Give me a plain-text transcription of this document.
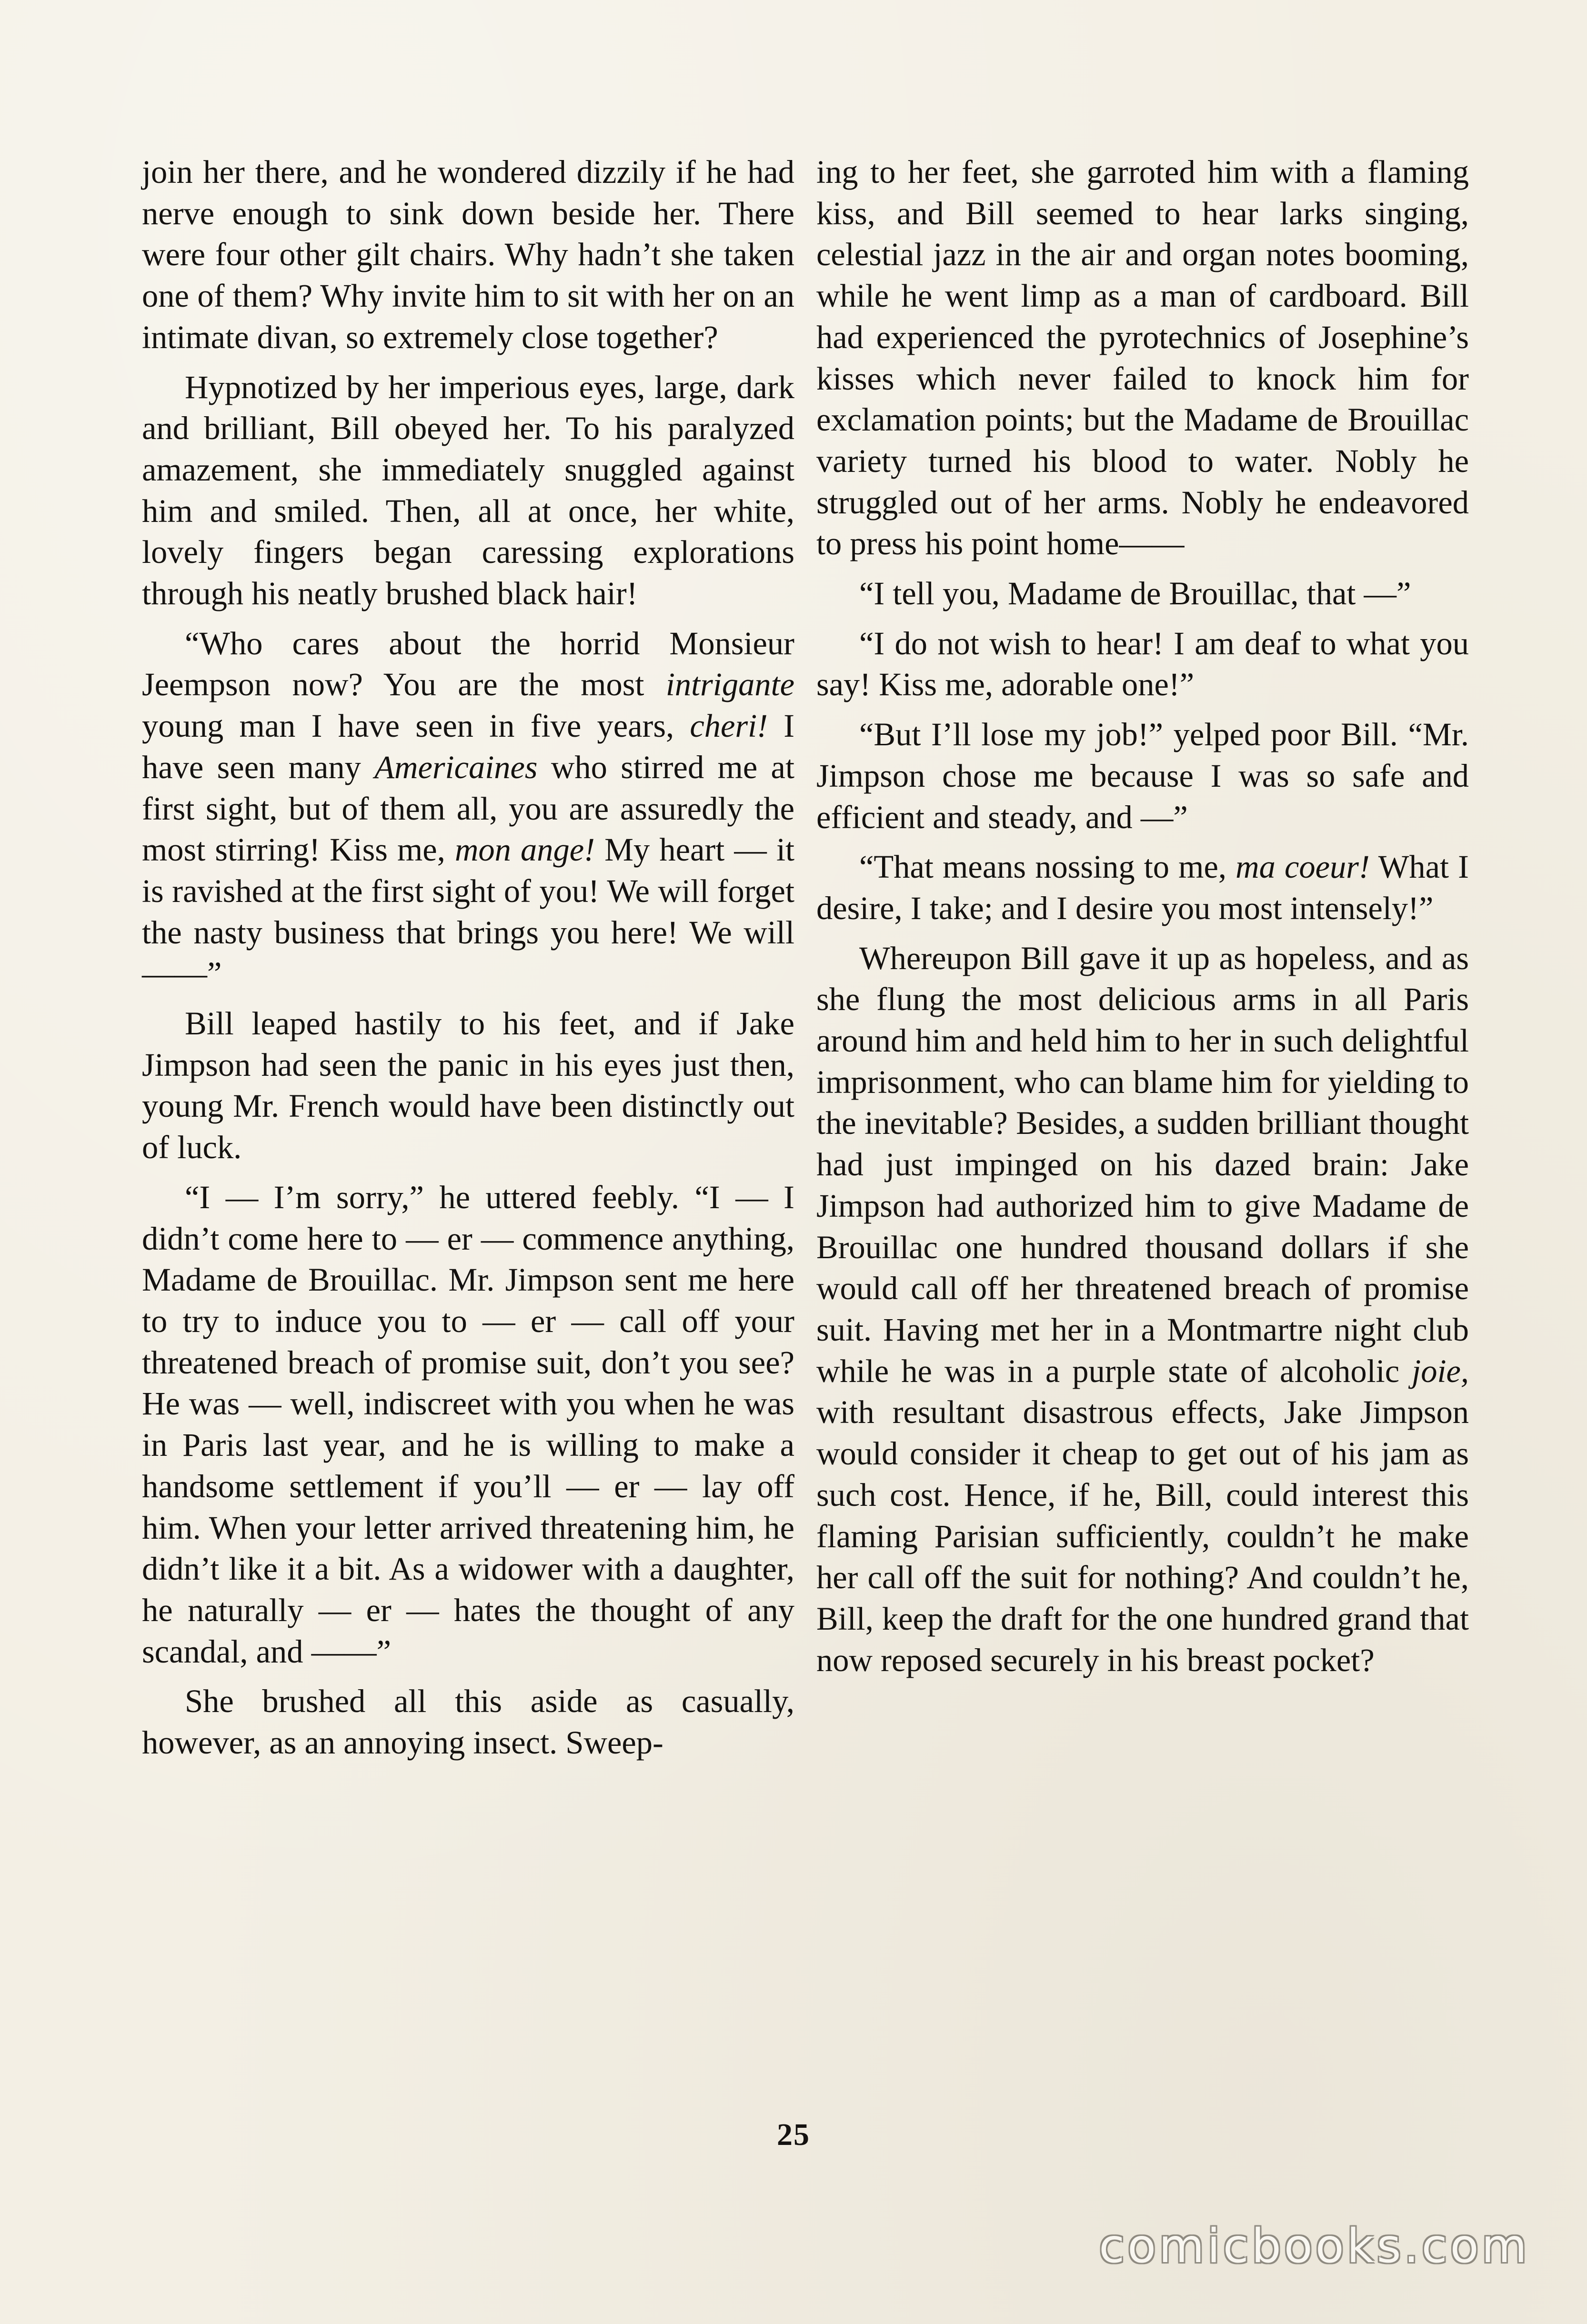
join her there, and he wondered dizzily if he had nerve enough to sink down beside her. There were four other gilt chairs. Why hadn’t she taken one of them? Why invite him to sit with her on an intimate divan, so extremely close together?

Hypnotized by her imperious eyes, large, dark and brilliant, Bill obeyed her. To his paralyzed amazement, she immediately snuggled against him and smiled. Then, all at once, her white, lovely fingers began caressing explorations through his neatly brushed black hair!

“Who cares about the horrid Monsieur Jeempson now? You are the most intrigante young man I have seen in five years, cheri! I have seen many Americaines who stirred me at first sight, but of them all, you are assuredly the most stirring! Kiss me, mon ange! My heart — it is ravished at the first sight of you! We will forget the nasty business that brings you here! We will——”

Bill leaped hastily to his feet, and if Jake Jimpson had seen the panic in his eyes just then, young Mr. French would have been distinctly out of luck.

“I — I’m sorry,” he uttered feebly. “I — I didn’t come here to — er — commence anything, Madame de Brouillac. Mr. Jimpson sent me here to try to induce you to — er — call off your threatened breach of promise suit, don’t you see? He was — well, indiscreet with you when he was in Paris last year, and he is willing to make a handsome settlement if you’ll — er — lay off him. When your letter arrived threatening him, he didn’t like it a bit. As a widower with a daughter, he naturally — er — hates the thought of any scandal, and ——”

She brushed all this aside as casually, however, as an annoying insect. Sweep-

ing to her feet, she garroted him with a flaming kiss, and Bill seemed to hear larks singing, celestial jazz in the air and organ notes booming, while he went limp as a man of cardboard. Bill had experienced the pyrotechnics of Josephine’s kisses which never failed to knock him for exclamation points; but the Madame de Brouillac variety turned his blood to water. Nobly he struggled out of her arms. Nobly he endeavored to press his point home——

“I tell you, Madame de Brouillac, that —”

“I do not wish to hear! I am deaf to what you say! Kiss me, adorable one!”

“But I’ll lose my job!” yelped poor Bill. “Mr. Jimpson chose me because I was so safe and efficient and steady, and —”

“That means nossing to me, ma coeur! What I desire, I take; and I desire you most intensely!”

Whereupon Bill gave it up as hopeless, and as she flung the most delicious arms in all Paris around him and held him to her in such delightful imprisonment, who can blame him for yielding to the inevitable? Besides, a sudden brilliant thought had just impinged on his dazed brain: Jake Jimpson had authorized him to give Madame de Brouillac one hundred thousand dollars if she would call off her threatened breach of promise suit. Having met her in a Montmartre night club while he was in a purple state of alcoholic joie, with resultant disastrous effects, Jake Jimpson would consider it cheap to get out of his jam as such cost. Hence, if he, Bill, could interest this flaming Parisian sufficiently, couldn’t he make her call off the suit for nothing? And couldn’t he, Bill, keep the draft for the one hundred grand that now reposed securely in his breast pocket?

25
comicbooks.com
